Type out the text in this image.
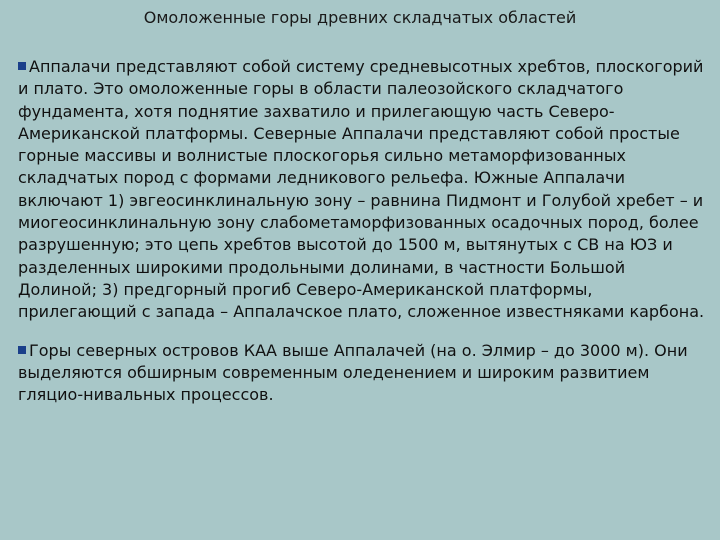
Омоложенные горы древних складчатых областей

Аппалачи представляют собой систему средневысотных хребтов, плоскогорий и плато. Это омоложенные горы в области палеозойского складчатого фундамента, хотя поднятие захватило и прилегающую часть Северо-Американской платформы. Северные Аппалачи представляют собой простые горные массивы и волнистые плоскогорья сильно метаморфизованных складчатых пород с формами ледникового рельефа. Южные Аппалачи включают 1) эвгеосинклинальную зону – равнина Пидмонт и Голубой хребет – и миогеосинклинальную зону слабометаморфизованных осадочных пород, более разрушенную; это цепь хребтов высотой до 1500 м, вытянутых с СВ на ЮЗ и разделенных широкими продольными долинами, в частности Большой Долиной; 3) предгорный прогиб Северо-Американской платформы, прилегающий с запада – Аппалачское плато, сложенное известняками карбона.

Горы северных островов КАА выше Аппалачей (на о. Элмир – до 3000 м). Они выделяются обширным современным оледенением и широким развитием гляцио-нивальных процессов.
